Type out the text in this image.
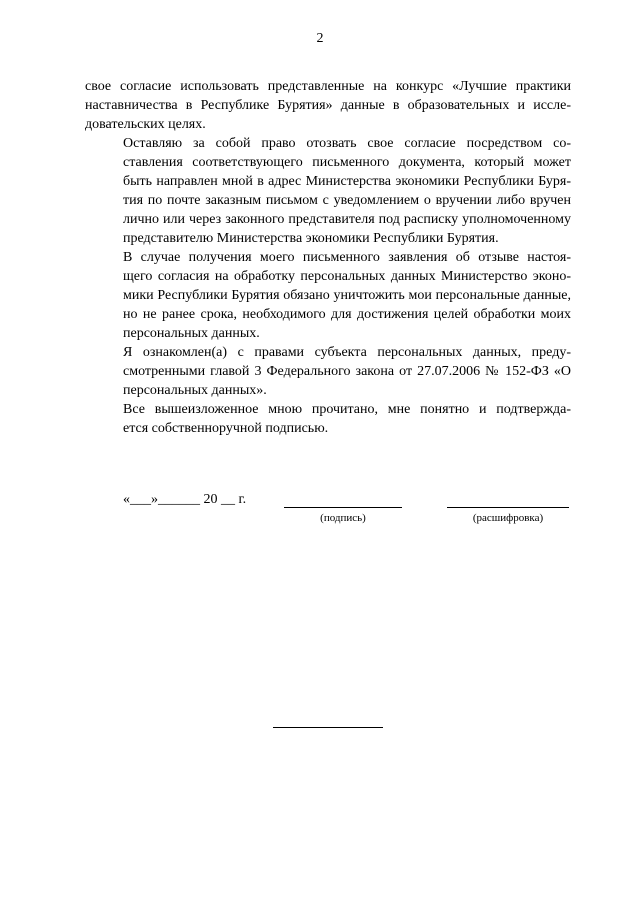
2

свое согласие использовать представленные на конкурс «Лучшие практики
наставничества в Республике Бурятия» данные в образовательных и иссле-
довательских целях.

Оставляю за собой право отозвать свое согласие посредством со-
ставления соответствующего письменного документа, который может
быть направлен мной в адрес Министерства экономики Республики Буря-
тия по почте заказным письмом с уведомлением о вручении либо вручен
лично или через законного представителя под расписку уполномоченному
представителю Министерства экономики Республики Бурятия.

В случае получения моего письменного заявления об отзыве настоя-
щего согласия на обработку персональных данных Министерство эконо-
мики Республики Бурятия обязано уничтожить мои персональные данные,
но не ранее срока, необходимого для достижения целей обработки моих
персональных данных.

Я ознакомлен(а) с правами субъекта персональных данных, преду-
смотренными главой 3 Федерального закона от 27.07.2006 № 152-ФЗ «О
персональных данных».

Все вышеизложенное мною прочитано, мне понятно и подтвержда-
ется собственноручной подписью.

«___»______ 20 __ г.
(подпись)	(расшифровка)
